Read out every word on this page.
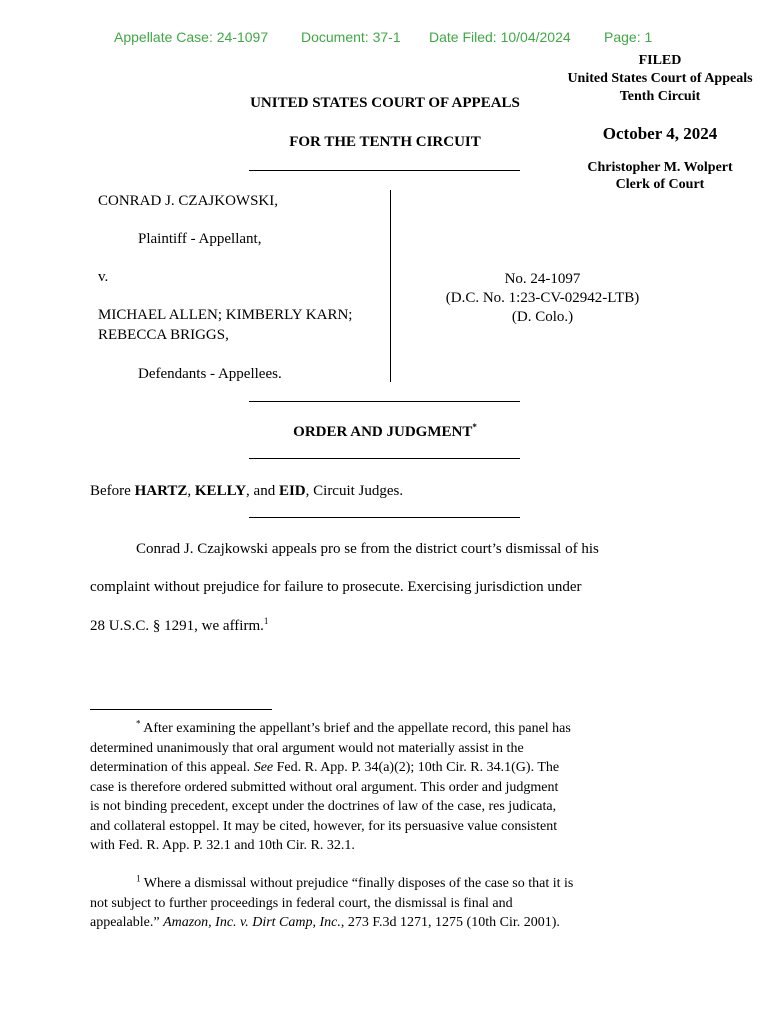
Appellate Case: 24-1097 Document: 37-1 Date Filed: 10/04/2024 Page: 1
FILED
United States Court of Appeals
Tenth Circuit
October 4, 2024
Christopher M. Wolpert
Clerk of Court
UNITED STATES COURT OF APPEALS
FOR THE TENTH CIRCUIT
CONRAD J. CZAJKOWSKI,
Plaintiff - Appellant,
v.
MICHAEL ALLEN; KIMBERLY KARN;
REBECCA BRIGGS,
Defendants - Appellees.
No. 24-1097
(D.C. No. 1:23-CV-02942-LTB)
(D. Colo.)
ORDER AND JUDGMENT*
Before HARTZ, KELLY, and EID, Circuit Judges.
Conrad J. Czajkowski appeals pro se from the district court’s dismissal of his
complaint without prejudice for failure to prosecute. Exercising jurisdiction under
28 U.S.C. § 1291, we affirm.$^1$

* After examining the appellant’s brief and the appellate record, this panel has

determined unanimously that oral argument would not materially assist in the

determination of this appeal. See Fed. R. App. P. 34(a)(2); 10th Cir. R. 34.1(G). The

case is therefore ordered submitted without oral argument. This order and judgment

is not binding precedent, except under the doctrines of law of the case, res judicata,

and collateral estoppel. It may be cited, however, for its persuasive value consistent

with Fed. R. App. P. 32.1 and 10th Cir. R. 32.1.

$^1$ Where a dismissal without prejudice “finally disposes of the case so that it is

not subject to further proceedings in federal court, the dismissal is final and

appealable.” Amazon, Inc. v. Dirt Camp, Inc., 273 F.3d 1271, 1275 (10th Cir. 2001).
